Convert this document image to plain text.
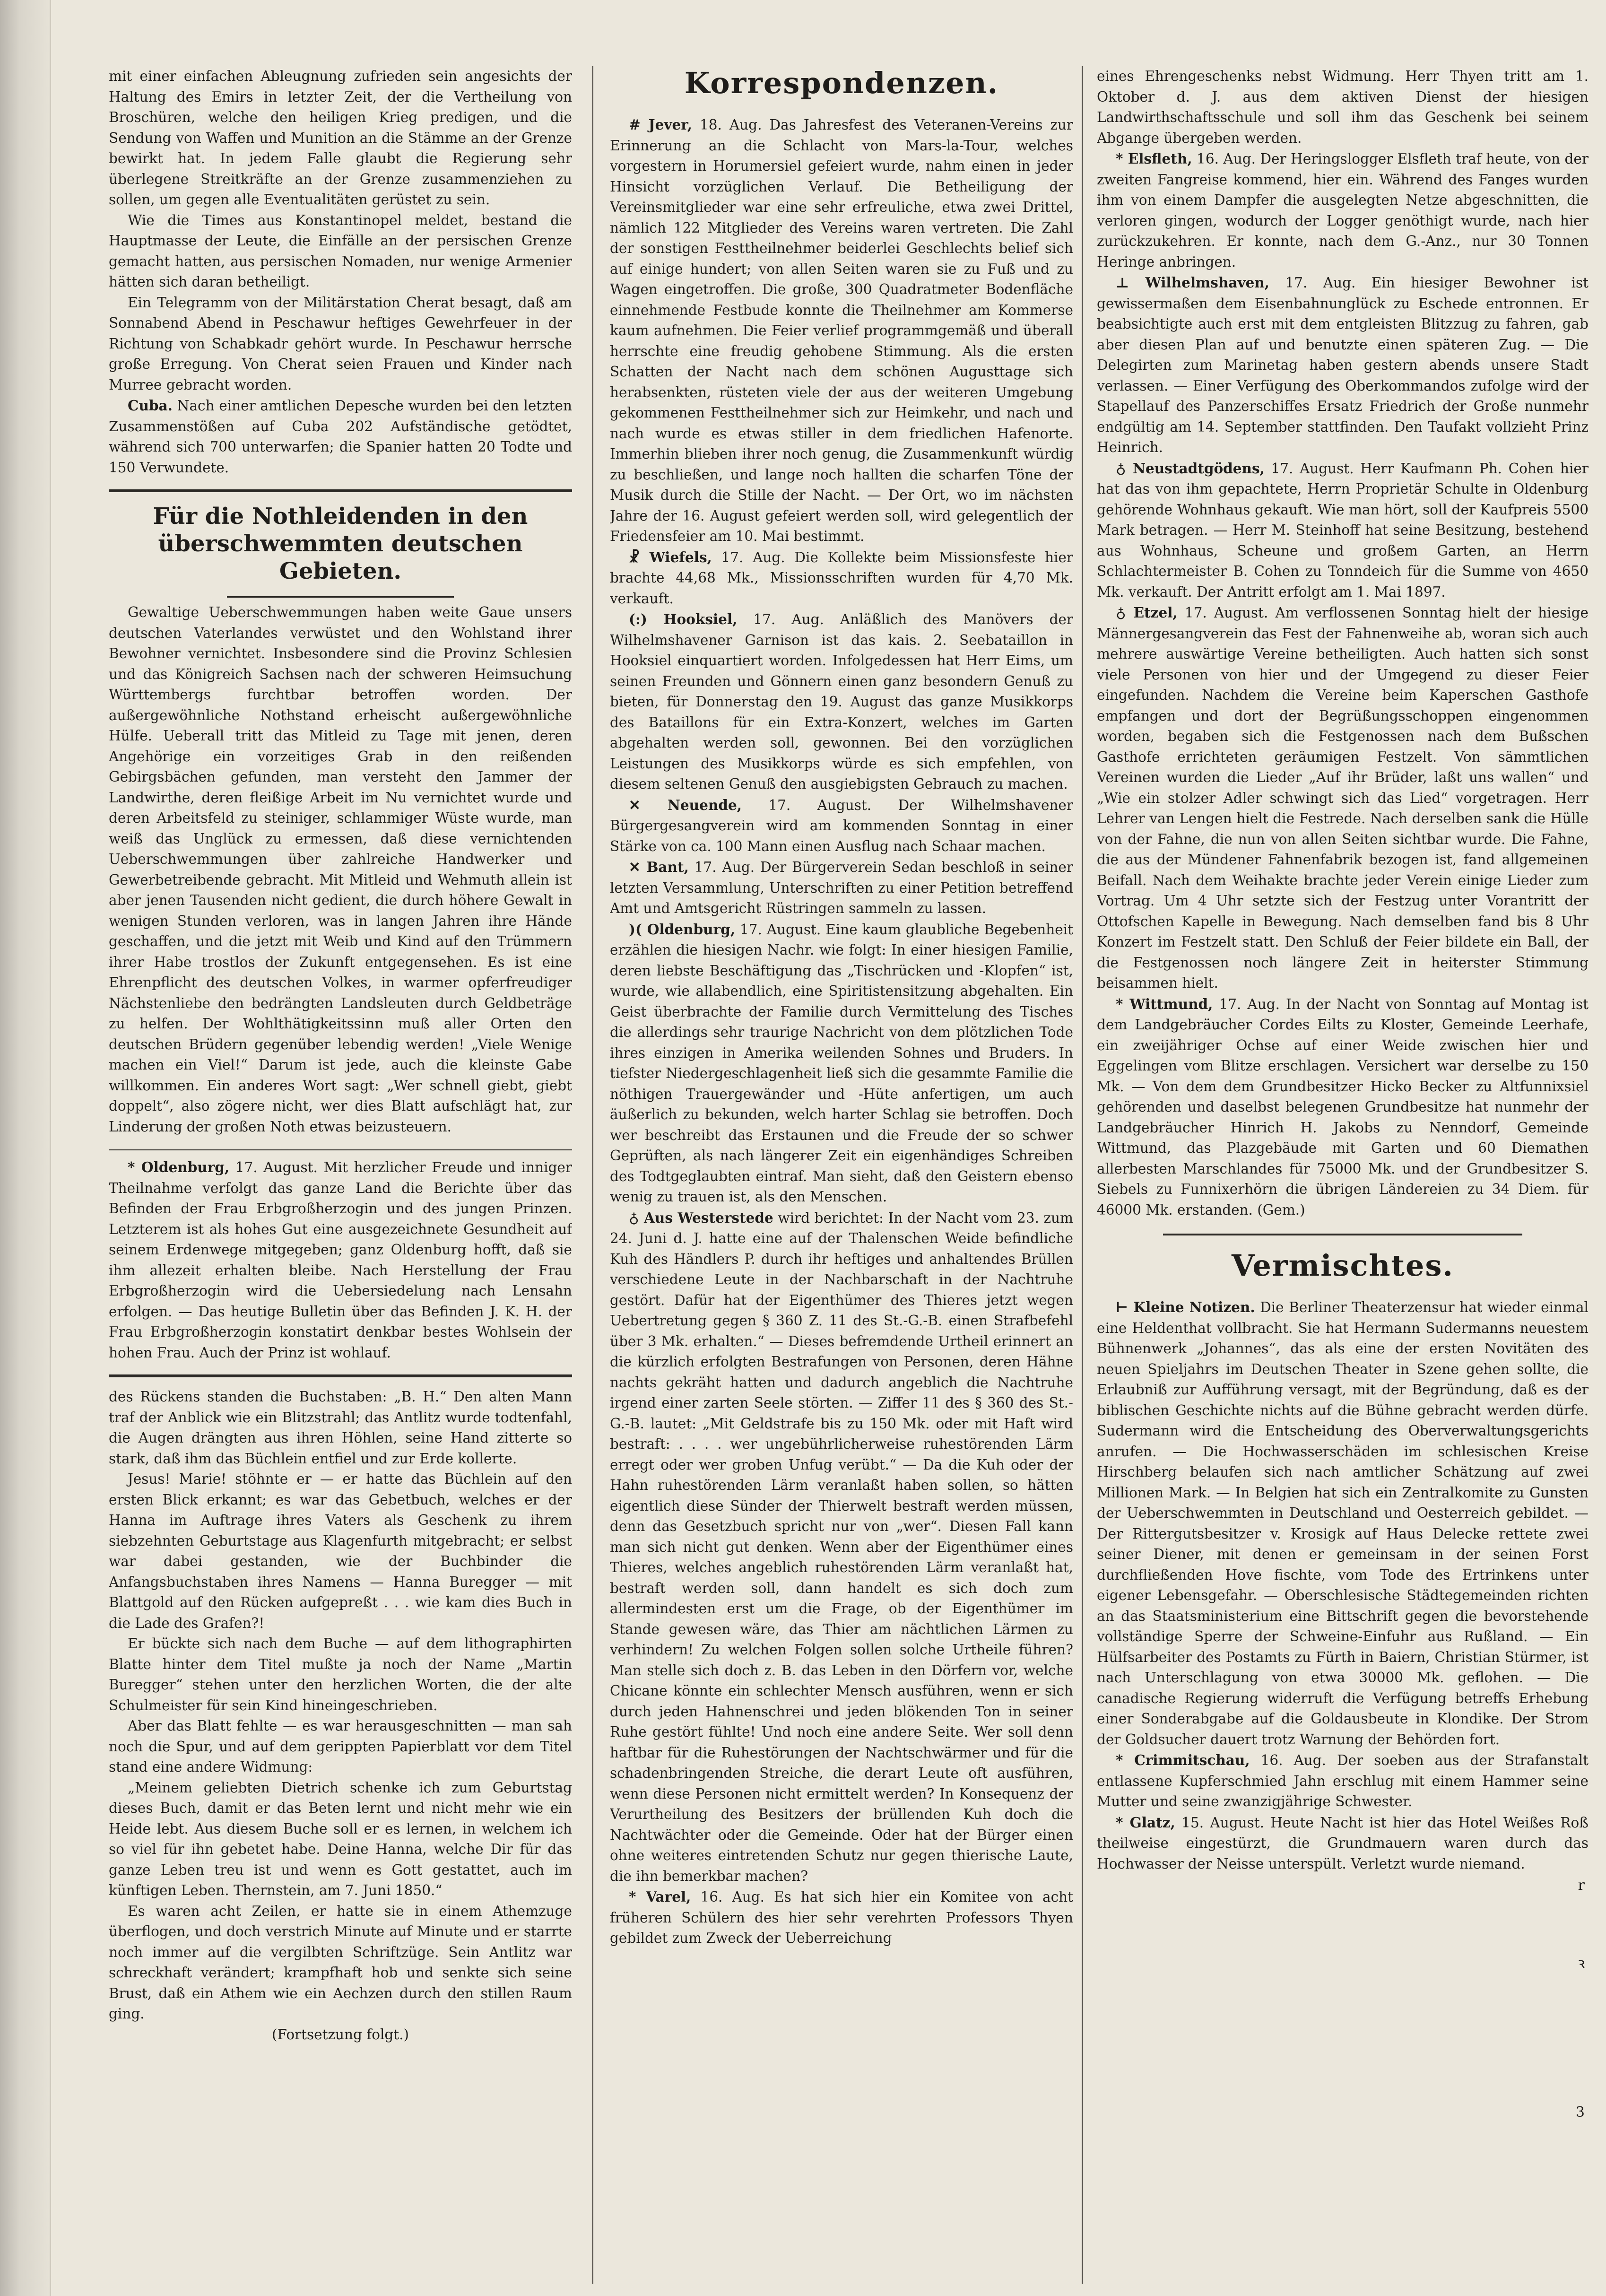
mit einer einfachen Ableugnung zufrieden sein angesichts der Haltung des Emirs in letzter Zeit, der die Vertheilung von Broschüren, welche den heiligen Krieg predigen, und die Sendung von Waffen und Munition an die Stämme an der Grenze bewirkt hat. In jedem Falle glaubt die Regierung sehr überlegene Streitkräfte an der Grenze zusammenziehen zu sollen, um gegen alle Eventualitäten gerüstet zu sein.

Wie die Times aus Konstantinopel meldet, bestand die Hauptmasse der Leute, die Einfälle an der persischen Grenze gemacht hatten, aus persischen Nomaden, nur wenige Armenier hätten sich daran betheiligt.

Ein Telegramm von der Militärstation Cherat besagt, daß am Sonnabend Abend in Peschawur heftiges Gewehrfeuer in der Richtung von Schabkadr gehört wurde. In Peschawur herrsche große Erregung. Von Cherat seien Frauen und Kinder nach Murree gebracht worden.

Cuba. Nach einer amtlichen Depesche wurden bei den letzten Zusammenstößen auf Cuba 202 Aufständische getödtet, während sich 700 unterwarfen; die Spanier hatten 20 Todte und 150 Verwundete.

Für die Nothleidenden in den überschwemmten deutschen Gebieten.

Gewaltige Ueberschwemmungen haben weite Gaue unsers deutschen Vaterlandes verwüstet und den Wohlstand ihrer Bewohner vernichtet. Insbesondere sind die Provinz Schlesien und das Königreich Sachsen nach der schweren Heimsuchung Württembergs furchtbar betroffen worden. Der außergewöhnliche Nothstand erheischt außergewöhnliche Hülfe. Ueberall tritt das Mitleid zu Tage mit jenen, deren Angehörige ein vorzeitiges Grab in den reißenden Gebirgsbächen gefunden, man versteht den Jammer der Landwirthe, deren fleißige Arbeit im Nu vernichtet wurde und deren Arbeitsfeld zu steiniger, schlammiger Wüste wurde, man weiß das Unglück zu ermessen, daß diese vernichtenden Ueberschwemmungen über zahlreiche Handwerker und Gewerbetreibende gebracht. Mit Mitleid und Wehmuth allein ist aber jenen Tausenden nicht gedient, die durch höhere Gewalt in wenigen Stunden verloren, was in langen Jahren ihre Hände geschaffen, und die jetzt mit Weib und Kind auf den Trümmern ihrer Habe trostlos der Zukunft entgegensehen. Es ist eine Ehrenpflicht des deutschen Volkes, in warmer opferfreudiger Nächstenliebe den bedrängten Landsleuten durch Geldbeträge zu helfen. Der Wohlthätigkeitssinn muß aller Orten den deutschen Brüdern gegenüber lebendig werden! „Viele Wenige machen ein Viel!“ Darum ist jede, auch die kleinste Gabe willkommen. Ein anderes Wort sagt: „Wer schnell giebt, giebt doppelt“, also zögere nicht, wer dies Blatt aufschlägt hat, zur Linderung der großen Noth etwas beizusteuern.

* Oldenburg, 17. August. Mit herzlicher Freude und inniger Theilnahme verfolgt das ganze Land die Berichte über das Befinden der Frau Erbgroßherzogin und des jungen Prinzen. Letzterem ist als hohes Gut eine ausgezeichnete Gesundheit auf seinem Erdenwege mitgegeben; ganz Oldenburg hofft, daß sie ihm allezeit erhalten bleibe. Nach Herstellung der Frau Erbgroßherzogin wird die Uebersiedelung nach Lensahn erfolgen. — Das heutige Bulletin über das Befinden J. K. H. der Frau Erbgroßherzogin konstatirt denkbar bestes Wohlsein der hohen Frau. Auch der Prinz ist wohlauf.

des Rückens standen die Buchstaben: „B. H.“ Den alten Mann traf der Anblick wie ein Blitzstrahl; das Antlitz wurde todtenfahl, die Augen drängten aus ihren Höhlen, seine Hand zitterte so stark, daß ihm das Büchlein entfiel und zur Erde kollerte.

Jesus! Marie! stöhnte er — er hatte das Büchlein auf den ersten Blick erkannt; es war das Gebetbuch, welches er der Hanna im Auftrage ihres Vaters als Geschenk zu ihrem siebzehnten Geburtstage aus Klagenfurth mitgebracht; er selbst war dabei gestanden, wie der Buchbinder die Anfangsbuchstaben ihres Namens — Hanna Buregger — mit Blattgold auf den Rücken aufgepreßt . . . wie kam dies Buch in die Lade des Grafen?!

Er bückte sich nach dem Buche — auf dem lithographirten Blatte hinter dem Titel mußte ja noch der Name „Martin Buregger“ stehen unter den herzlichen Worten, die der alte Schulmeister für sein Kind hineingeschrieben.

Aber das Blatt fehlte — es war herausgeschnitten — man sah noch die Spur, und auf dem gerippten Papierblatt vor dem Titel stand eine andere Widmung:

„Meinem geliebten Dietrich schenke ich zum Geburtstag dieses Buch, damit er das Beten lernt und nicht mehr wie ein Heide lebt. Aus diesem Buche soll er es lernen, in welchem ich so viel für ihn gebetet habe. Deine Hanna, welche Dir für das ganze Leben treu ist und wenn es Gott gestattet, auch im künftigen Leben. Thernstein, am 7. Juni 1850.“

Es waren acht Zeilen, er hatte sie in einem Athemzuge überflogen, und doch verstrich Minute auf Minute und er starrte noch immer auf die vergilbten Schriftzüge. Sein Antlitz war schreckhaft verändert; krampfhaft hob und senkte sich seine Brust, daß ein Athem wie ein Aechzen durch den stillen Raum ging.

(Fortsetzung folgt.)

Korrespondenzen.

# Jever, 18. Aug. Das Jahresfest des Veteranen-Vereins zur Erinnerung an die Schlacht von Mars-la-Tour, welches vorgestern in Horumersiel gefeiert wurde, nahm einen in jeder Hinsicht vorzüglichen Verlauf. Die Betheiligung der Vereinsmitglieder war eine sehr erfreuliche, etwa zwei Drittel, nämlich 122 Mitglieder des Vereins waren vertreten. Die Zahl der sonstigen Festtheilnehmer beiderlei Geschlechts belief sich auf einige hundert; von allen Seiten waren sie zu Fuß und zu Wagen eingetroffen. Die große, 300 Quadratmeter Bodenfläche einnehmende Festbude konnte die Theilnehmer am Kommerse kaum aufnehmen. Die Feier verlief programmgemäß und überall herrschte eine freudig gehobene Stimmung. Als die ersten Schatten der Nacht nach dem schönen Augusttage sich herabsenkten, rüsteten viele der aus der weiteren Umgebung gekommenen Festtheilnehmer sich zur Heimkehr, und nach und nach wurde es etwas stiller in dem friedlichen Hafenorte. Immerhin blieben ihrer noch genug, die Zusammenkunft würdig zu beschließen, und lange noch hallten die scharfen Töne der Musik durch die Stille der Nacht. — Der Ort, wo im nächsten Jahre der 16. August gefeiert werden soll, wird gelegentlich der Friedensfeier am 10. Mai bestimmt.

☧ Wiefels, 17. Aug. Die Kollekte beim Missionsfeste hier brachte 44,68 Mk., Missionsschriften wurden für 4,70 Mk. verkauft.

(:) Hooksiel, 17. Aug. Anläßlich des Manövers der Wilhelmshavener Garnison ist das kais. 2. Seebataillon in Hooksiel einquartiert worden. Infolgedessen hat Herr Eims, um seinen Freunden und Gönnern einen ganz besondern Genuß zu bieten, für Donnerstag den 19. August das ganze Musikkorps des Bataillons für ein Extra-Konzert, welches im Garten abgehalten werden soll, gewonnen. Bei den vorzüglichen Leistungen des Musikkorps würde es sich empfehlen, von diesem seltenen Genuß den ausgiebigsten Gebrauch zu machen.

✕ Neuende, 17. August. Der Wilhelmshavener Bürgergesangverein wird am kommenden Sonntag in einer Stärke von ca. 100 Mann einen Ausflug nach Schaar machen.

✕ Bant, 17. Aug. Der Bürgerverein Sedan beschloß in seiner letzten Versammlung, Unterschriften zu einer Petition betreffend Amt und Amtsgericht Rüstringen sammeln zu lassen.

)( Oldenburg, 17. August. Eine kaum glaubliche Begebenheit erzählen die hiesigen Nachr. wie folgt: In einer hiesigen Familie, deren liebste Beschäftigung das „Tischrücken und -Klopfen“ ist, wurde, wie allabendlich, eine Spiritistensitzung abgehalten. Ein Geist überbrachte der Familie durch Vermittelung des Tisches die allerdings sehr traurige Nachricht von dem plötzlichen Tode ihres einzigen in Amerika weilenden Sohnes und Bruders. In tiefster Niedergeschlagenheit ließ sich die gesammte Familie die nöthigen Trauergewänder und -Hüte anfertigen, um auch äußerlich zu bekunden, welch harter Schlag sie betroffen. Doch wer beschreibt das Erstaunen und die Freude der so schwer Geprüften, als nach längerer Zeit ein eigenhändiges Schreiben des Todtgeglaubten eintraf. Man sieht, daß den Geistern ebenso wenig zu trauen ist, als den Menschen.

♁ Aus Westerstede wird berichtet: In der Nacht vom 23. zum 24. Juni d. J. hatte eine auf der Thalenschen Weide befindliche Kuh des Händlers P. durch ihr heftiges und anhaltendes Brüllen verschiedene Leute in der Nachbarschaft in der Nachtruhe gestört. Dafür hat der Eigenthümer des Thieres jetzt wegen Uebertretung gegen § 360 Z. 11 des St.-G.-B. einen Strafbefehl über 3 Mk. erhalten.“ — Dieses befremdende Urtheil erinnert an die kürzlich erfolgten Bestrafungen von Personen, deren Hähne nachts gekräht hatten und dadurch angeblich die Nachtruhe irgend einer zarten Seele störten. — Ziffer 11 des § 360 des St.-G.-B. lautet: „Mit Geldstrafe bis zu 150 Mk. oder mit Haft wird bestraft: . . . . wer ungebührlicherweise ruhestörenden Lärm erregt oder wer groben Unfug verübt.“ — Da die Kuh oder der Hahn ruhestörenden Lärm veranlaßt haben sollen, so hätten eigentlich diese Sünder der Thierwelt bestraft werden müssen, denn das Gesetzbuch spricht nur von „wer“. Diesen Fall kann man sich nicht gut denken. Wenn aber der Eigenthümer eines Thieres, welches angeblich ruhestörenden Lärm veranlaßt hat, bestraft werden soll, dann handelt es sich doch zum allermindesten erst um die Frage, ob der Eigenthümer im Stande gewesen wäre, das Thier am nächtlichen Lärmen zu verhindern! Zu welchen Folgen sollen solche Urtheile führen? Man stelle sich doch z. B. das Leben in den Dörfern vor, welche Chicane könnte ein schlechter Mensch ausführen, wenn er sich durch jeden Hahnenschrei und jeden blökenden Ton in seiner Ruhe gestört fühlte! Und noch eine andere Seite. Wer soll denn haftbar für die Ruhestörungen der Nachtschwärmer und für die schadenbringenden Streiche, die derart Leute oft ausführen, wenn diese Personen nicht ermittelt werden? In Konsequenz der Verurtheilung des Besitzers der brüllenden Kuh doch die Nachtwächter oder die Gemeinde. Oder hat der Bürger einen ohne weiteres eintretenden Schutz nur gegen thierische Laute, die ihn bemerkbar machen?

* Varel, 16. Aug. Es hat sich hier ein Komitee von acht früheren Schülern des hier sehr verehrten Professors Thyen gebildet zum Zweck der Ueberreichung

eines Ehrengeschenks nebst Widmung. Herr Thyen tritt am 1. Oktober d. J. aus dem aktiven Dienst der hiesigen Landwirthschaftsschule und soll ihm das Geschenk bei seinem Abgange übergeben werden.

* Elsfleth, 16. Aug. Der Heringslogger Elsfleth traf heute, von der zweiten Fangreise kommend, hier ein. Während des Fanges wurden ihm von einem Dampfer die ausgelegten Netze abgeschnitten, die verloren gingen, wodurch der Logger genöthigt wurde, nach hier zurückzukehren. Er konnte, nach dem G.-Anz., nur 30 Tonnen Heringe anbringen.

⊥ Wilhelmshaven, 17. Aug. Ein hiesiger Bewohner ist gewissermaßen dem Eisenbahnunglück zu Eschede entronnen. Er beabsichtigte auch erst mit dem entgleisten Blitzzug zu fahren, gab aber diesen Plan auf und benutzte einen späteren Zug. — Die Delegirten zum Marinetag haben gestern abends unsere Stadt verlassen. — Einer Verfügung des Oberkommandos zufolge wird der Stapellauf des Panzerschiffes Ersatz Friedrich der Große nunmehr endgültig am 14. September stattfinden. Den Taufakt vollzieht Prinz Heinrich.

♁ Neustadtgödens, 17. August. Herr Kaufmann Ph. Cohen hier hat das von ihm gepachtete, Herrn Proprietär Schulte in Oldenburg gehörende Wohnhaus gekauft. Wie man hört, soll der Kaufpreis 5500 Mark betragen. — Herr M. Steinhoff hat seine Besitzung, bestehend aus Wohnhaus, Scheune und großem Garten, an Herrn Schlachtermeister B. Cohen zu Tonndeich für die Summe von 4650 Mk. verkauft. Der Antritt erfolgt am 1. Mai 1897.

♁ Etzel, 17. August. Am verflossenen Sonntag hielt der hiesige Männergesangverein das Fest der Fahnenweihe ab, woran sich auch mehrere auswärtige Vereine betheiligten. Auch hatten sich sonst viele Personen von hier und der Umgegend zu dieser Feier eingefunden. Nachdem die Vereine beim Kaperschen Gasthofe empfangen und dort der Begrüßungsschoppen eingenommen worden, begaben sich die Festgenossen nach dem Bußschen Gasthofe errichteten geräumigen Festzelt. Von sämmtlichen Vereinen wurden die Lieder „Auf ihr Brüder, laßt uns wallen“ und „Wie ein stolzer Adler schwingt sich das Lied“ vorgetragen. Herr Lehrer van Lengen hielt die Festrede. Nach derselben sank die Hülle von der Fahne, die nun von allen Seiten sichtbar wurde. Die Fahne, die aus der Mündener Fahnenfabrik bezogen ist, fand allgemeinen Beifall. Nach dem Weihakte brachte jeder Verein einige Lieder zum Vortrag. Um 4 Uhr setzte sich der Festzug unter Vorantritt der Ottofschen Kapelle in Bewegung. Nach demselben fand bis 8 Uhr Konzert im Festzelt statt. Den Schluß der Feier bildete ein Ball, der die Festgenossen noch längere Zeit in heiterster Stimmung beisammen hielt.

* Wittmund, 17. Aug. In der Nacht von Sonntag auf Montag ist dem Landgebräucher Cordes Eilts zu Kloster, Gemeinde Leerhafe, ein zweijähriger Ochse auf einer Weide zwischen hier und Eggelingen vom Blitze erschlagen. Versichert war derselbe zu 150 Mk. — Von dem dem Grundbesitzer Hicko Becker zu Altfunnixsiel gehörenden und daselbst belegenen Grundbesitze hat nunmehr der Landgebräucher Hinrich H. Jakobs zu Nenndorf, Gemeinde Wittmund, das Plazgebäude mit Garten und 60 Diemathen allerbesten Marschlandes für 75000 Mk. und der Grundbesitzer S. Siebels zu Funnixerhörn die übrigen Ländereien zu 34 Diem. für 46000 Mk. erstanden. (Gem.)

Vermischtes.

⊢ Kleine Notizen. Die Berliner Theaterzensur hat wieder einmal eine Heldenthat vollbracht. Sie hat Hermann Sudermanns neuestem Bühnenwerk „Johannes“, das als eine der ersten Novitäten des neuen Spieljahrs im Deutschen Theater in Szene gehen sollte, die Erlaubniß zur Aufführung versagt, mit der Begründung, daß es der biblischen Geschichte nichts auf die Bühne gebracht werden dürfe. Sudermann wird die Entscheidung des Oberverwaltungsgerichts anrufen. — Die Hochwasserschäden im schlesischen Kreise Hirschberg belaufen sich nach amtlicher Schätzung auf zwei Millionen Mark. — In Belgien hat sich ein Zentralkomite zu Gunsten der Ueberschwemmten in Deutschland und Oesterreich gebildet. — Der Rittergutsbesitzer v. Krosigk auf Haus Delecke rettete zwei seiner Diener, mit denen er gemeinsam in der seinen Forst durchfließenden Hove fischte, vom Tode des Ertrinkens unter eigener Lebensgefahr. — Oberschlesische Städtegemeinden richten an das Staatsministerium eine Bittschrift gegen die bevorstehende vollständige Sperre der Schweine-Einfuhr aus Rußland. — Ein Hülfsarbeiter des Postamts zu Fürth in Baiern, Christian Stürmer, ist nach Unterschlagung von etwa 30000 Mk. geflohen. — Die canadische Regierung widerruft die Verfügung betreffs Erhebung einer Sonderabgabe auf die Goldausbeute in Klondike. Der Strom der Goldsucher dauert trotz Warnung der Behörden fort.

* Crimmitschau, 16. Aug. Der soeben aus der Strafanstalt entlassene Kupferschmied Jahn erschlug mit einem Hammer seine Mutter und seine zwanzigjährige Schwester.

* Glatz, 15. August. Heute Nacht ist hier das Hotel Weißes Roß theilweise eingestürzt, die Grundmauern waren durch das Hochwasser der Neisse unterspült. Verletzt wurde niemand.

r
ꝛ
3
